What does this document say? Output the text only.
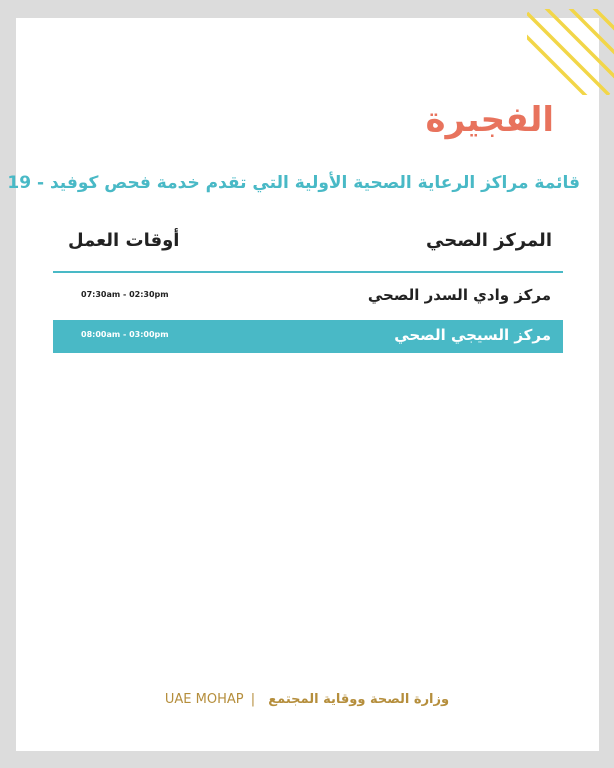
الفجيرة
قائمة مراكز الرعاية الصحية الأولية التي تقدم خدمة فحص كوفيد - 19
المركز الصحي
أوقات العمل
مركز وادي السدر الصحي
07:30am - 02:30pm
مركز السيجي الصحي
08:00am - 03:00pm
UAE MOHAP | وزارة الصحة ووقاية المجتمع
